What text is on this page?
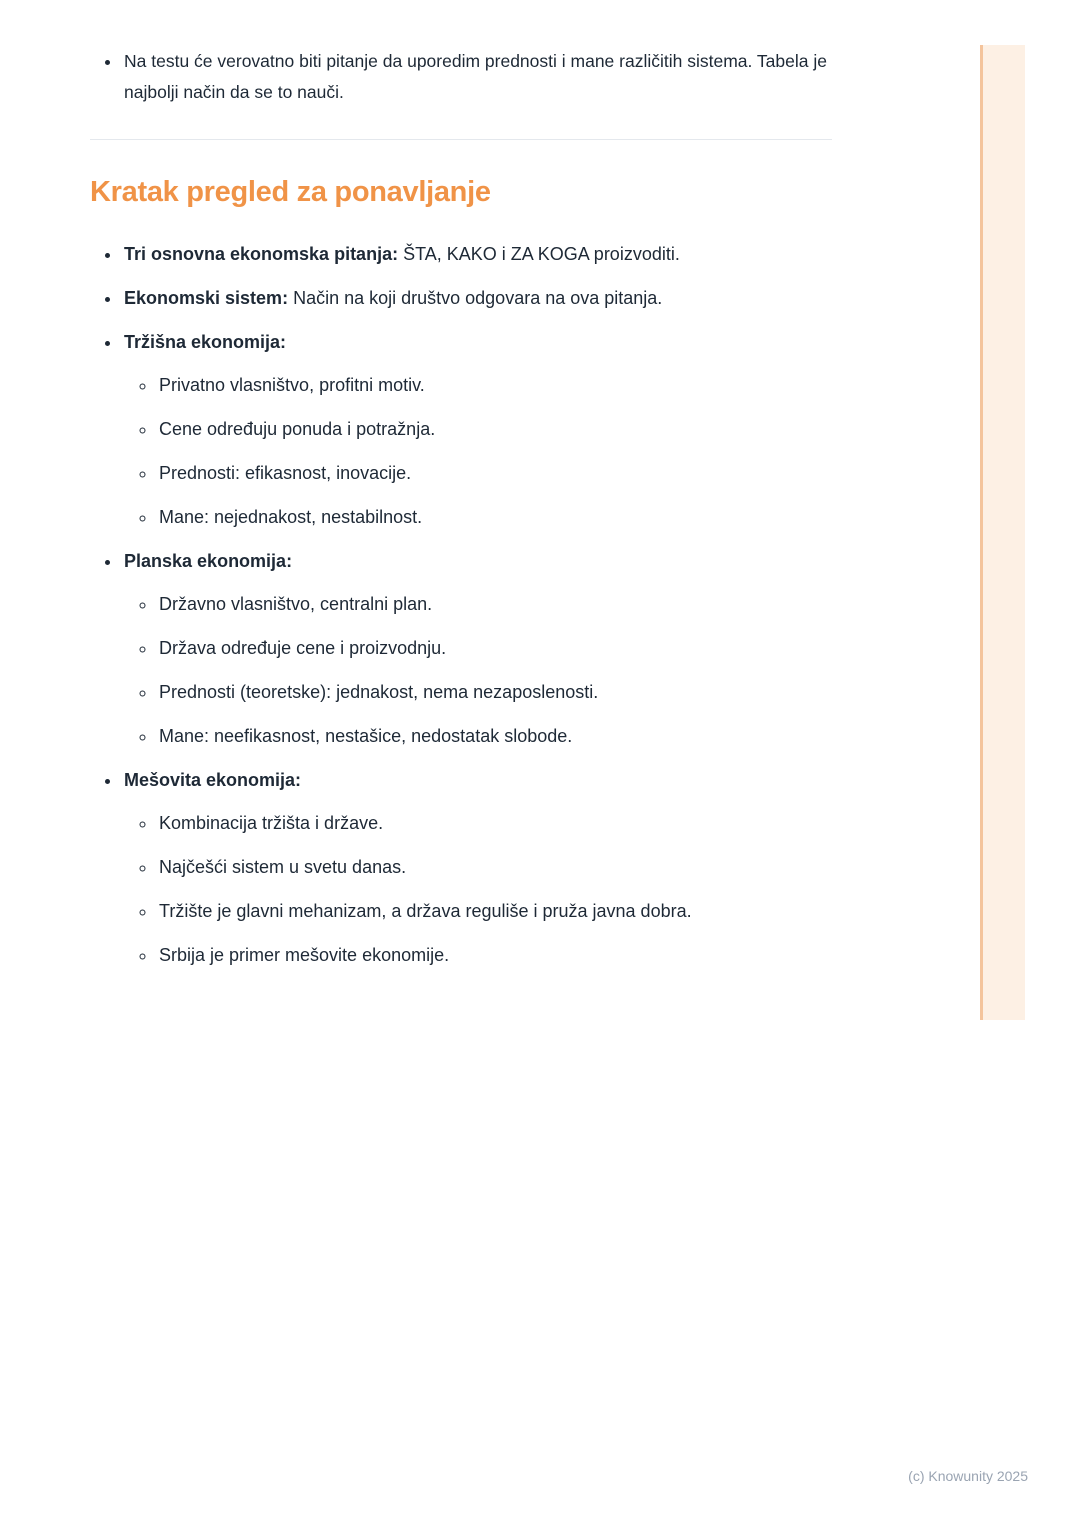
• Na testu će verovatno biti pitanje da uporedim prednosti i mane različitih sistema. Tabela je najbolji način da se to nauči.
Kratak pregled za ponavljanje
• Tri osnovna ekonomska pitanja: ŠTA, KAKO i ZA KOGA proizvoditi.
• Ekonomski sistem: Način na koji društvo odgovara na ova pitanja.
• Tržišna ekonomija:
◦ Privatno vlasništvo, profitni motiv.
◦ Cene određuju ponuda i potražnja.
◦ Prednosti: efikasnost, inovacije.
◦ Mane: nejednakost, nestabilnost.
• Planska ekonomija:
◦ Državno vlasništvo, centralni plan.
◦ Država određuje cene i proizvodnju.
◦ Prednosti (teoretske): jednakost, nema nezaposlenosti.
◦ Mane: neefikasnost, nestašice, nedostatak slobode.
• Mešovita ekonomija:
◦ Kombinacija tržišta i države.
◦ Najčešći sistem u svetu danas.
◦ Tržište je glavni mehanizam, a država reguliše i pruža javna dobra.
◦ Srbija je primer mešovite ekonomije.
(c) Knowunity 2025
